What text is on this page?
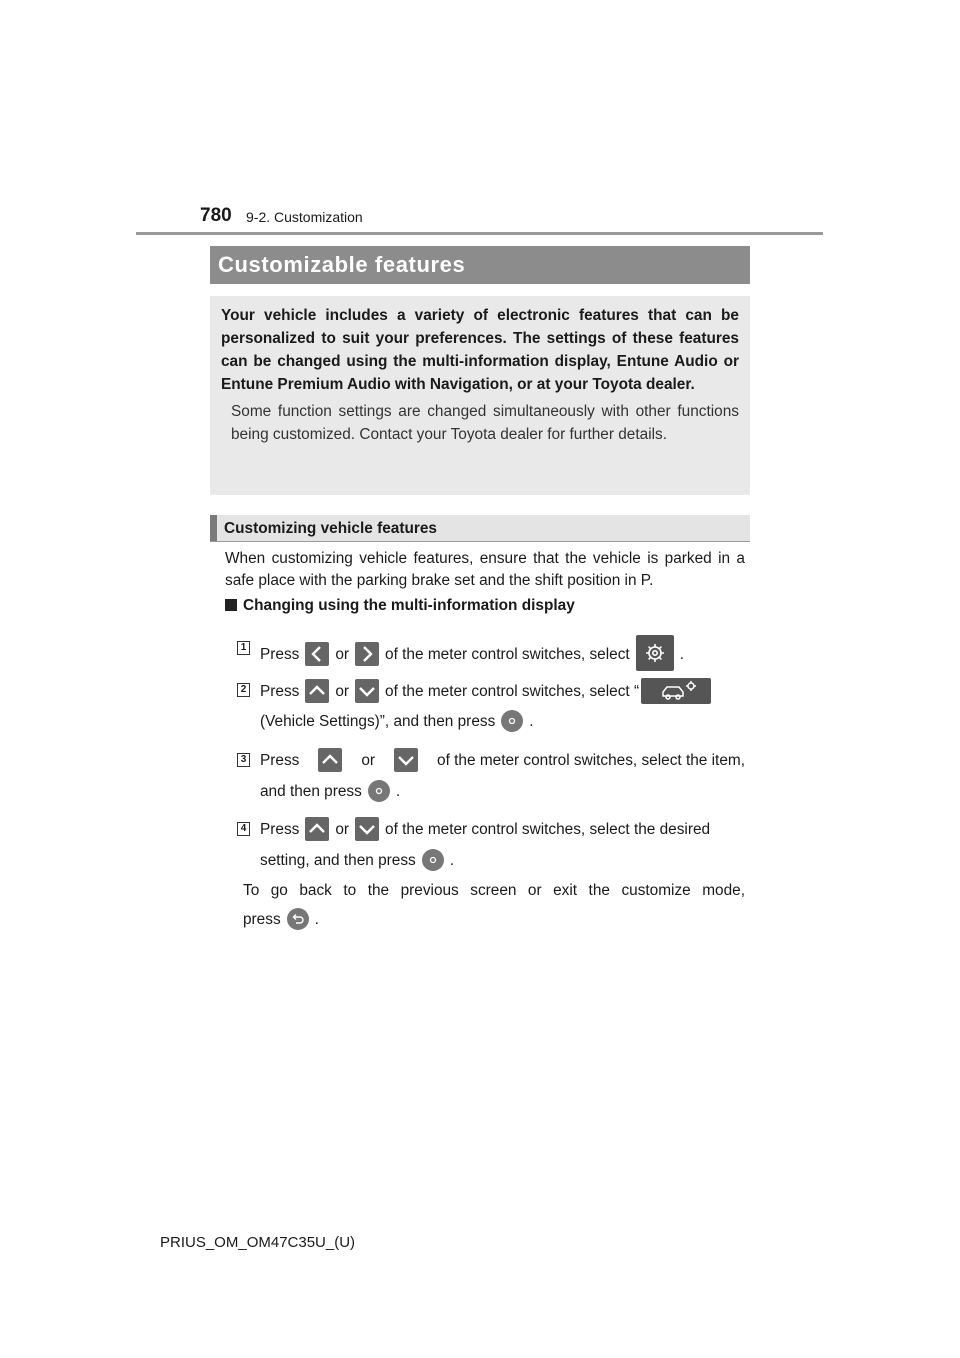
780 9-2. Customization
Customizable features

Your vehicle includes a variety of electronic features that can be personalized to suit your preferences. The settings of these features can be changed using the multi-information display, Entune Audio or Entune Premium Audio with Navigation, or at your Toyota dealer.

Some function settings are changed simultaneously with other functions being customized. Contact your Toyota dealer for further details.

Customizing vehicle features

When customizing vehicle features, ensure that the vehicle is parked in a safe place with the parking brake set and the shift position in P.

Changing using the multi-information display
1 Press or of the meter control switches, select	.
2 Press or of the meter control switches, select “
(Vehicle Settings)”, and then press .
3 Press	or	of the meter control switches, select the item,
and then press .
4 Press or of the meter control switches, select the desired
setting, and then press .
To go back to the previous screen or exit the customize mode,
press .
PRIUS_OM_OM47C35U_(U)
